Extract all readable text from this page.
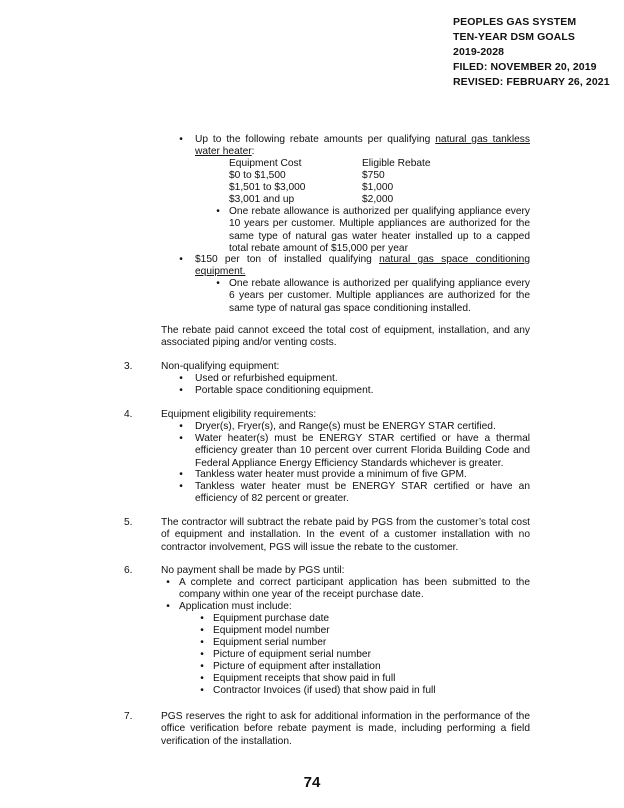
PEOPLES GAS SYSTEM
TEN-YEAR DSM GOALS
2019-2028
FILED: NOVEMBER 20, 2019
REVISED: FEBRUARY 26, 2021
•	Up to the following rebate amounts per qualifying natural gas tankless water heater:
Equipment Cost	Eligible Rebate
$0 to $1,500	$750
$1,501 to $3,000	$1,000
$3,001 and up	$2,000
• One rebate allowance is authorized per qualifying appliance every 10 years per customer. Multiple appliances are authorized for the same type of natural gas water heater installed up to a capped total rebate amount of $15,000 per year
•	$150 per ton of installed qualifying natural gas space conditioning equipment.
• One rebate allowance is authorized per qualifying appliance every 6 years per customer. Multiple appliances are authorized for the same type of natural gas space conditioning installed.
The rebate paid cannot exceed the total cost of equipment, installation, and any associated piping and/or venting costs.
3.	Non-qualifying equipment:
•	Used or refurbished equipment.
•	Portable space conditioning equipment.
4.	Equipment eligibility requirements:
•	Dryer(s), Fryer(s), and Range(s) must be ENERGY STAR certified.
•	Water heater(s) must be ENERGY STAR certified or have a thermal efficiency greater than 10 percent over current Florida Building Code and Federal Appliance Energy Efficiency Standards whichever is greater.
•	Tankless water heater must provide a minimum of five GPM.
•	Tankless water heater must be ENERGY STAR certified or have an efficiency of 82 percent or greater.
5.	The contractor will subtract the rebate paid by PGS from the customer’s total cost of equipment and installation. In the event of a customer installation with no contractor involvement, PGS will issue the rebate to the customer.
6.	No payment shall be made by PGS until:
• A complete and correct participant application has been submitted to the company within one year of the receipt purchase date.
• Application must include:
• Equipment purchase date
• Equipment model number
• Equipment serial number
• Picture of equipment serial number
• Picture of equipment after installation
• Equipment receipts that show paid in full
• Contractor Invoices (if used) that show paid in full
7.	PGS reserves the right to ask for additional information in the performance of the office verification before rebate payment is made, including performing a field verification of the installation.
74
